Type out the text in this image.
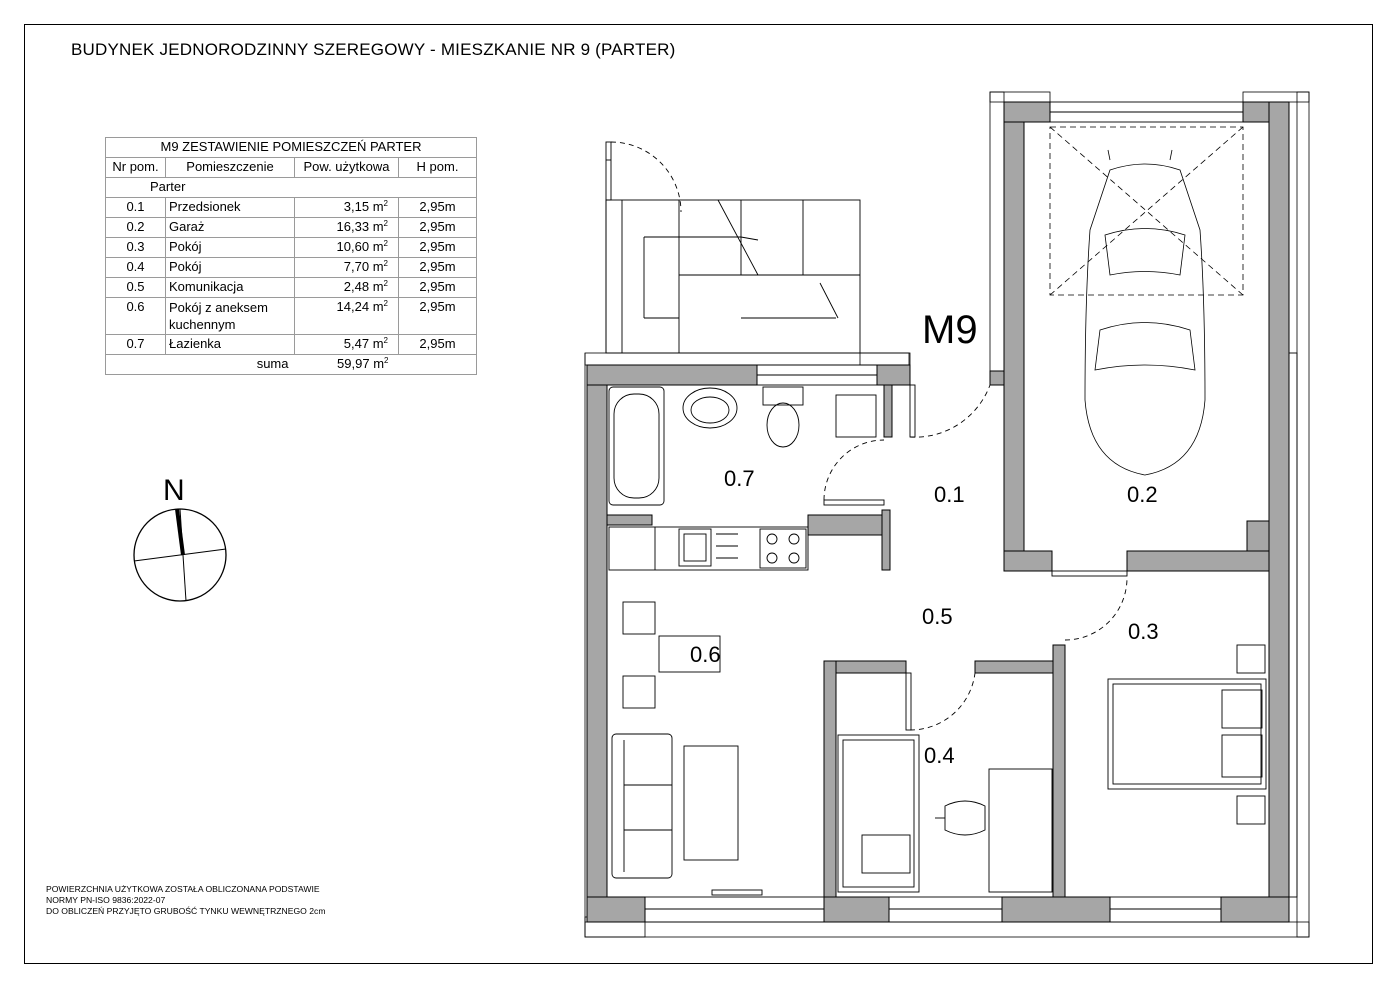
BUDYNEK JEDNORODZINNY SZEREGOWY - MIESZKANIE NR 9 (PARTER)
M9 ZESTAWIENIE POMIESZCZEŃ PARTER			
Nr pom.	Pomieszczenie	Pow. użytkowa	H pom.
Parter			
0.1	Przedsionek	3,15 $m^2$	2,95m
0.2	Garaż	16,33 $m^2$	2,95m
0.3	Pokój	10,60 $m^2$	2,95m
0.4	Pokój	7,70 $m^2$	2,95m
0.5	Komunikacja	2,48 $m^2$	2,95m
0.6	Pokój z aneksem
kuchennym	14,24 $m^2$	2,95m
0.7	Łazienka	5,47 $m^2$	2,95m
suma		59,97 $m^2$	
N
M9
0.1	0.2
0.3
0.4
0.5
0.6
0.7
POWIERZCHNIA UŻYTKOWA ZOSTAŁA OBLICZONANA PODSTAWIE
NORMY PN-ISO 9836:2022-07
DO OBLICZEŃ PRZYJĘTO GRUBOŚĆ TYNKU WEWNĘTRZNEGO 2cm
